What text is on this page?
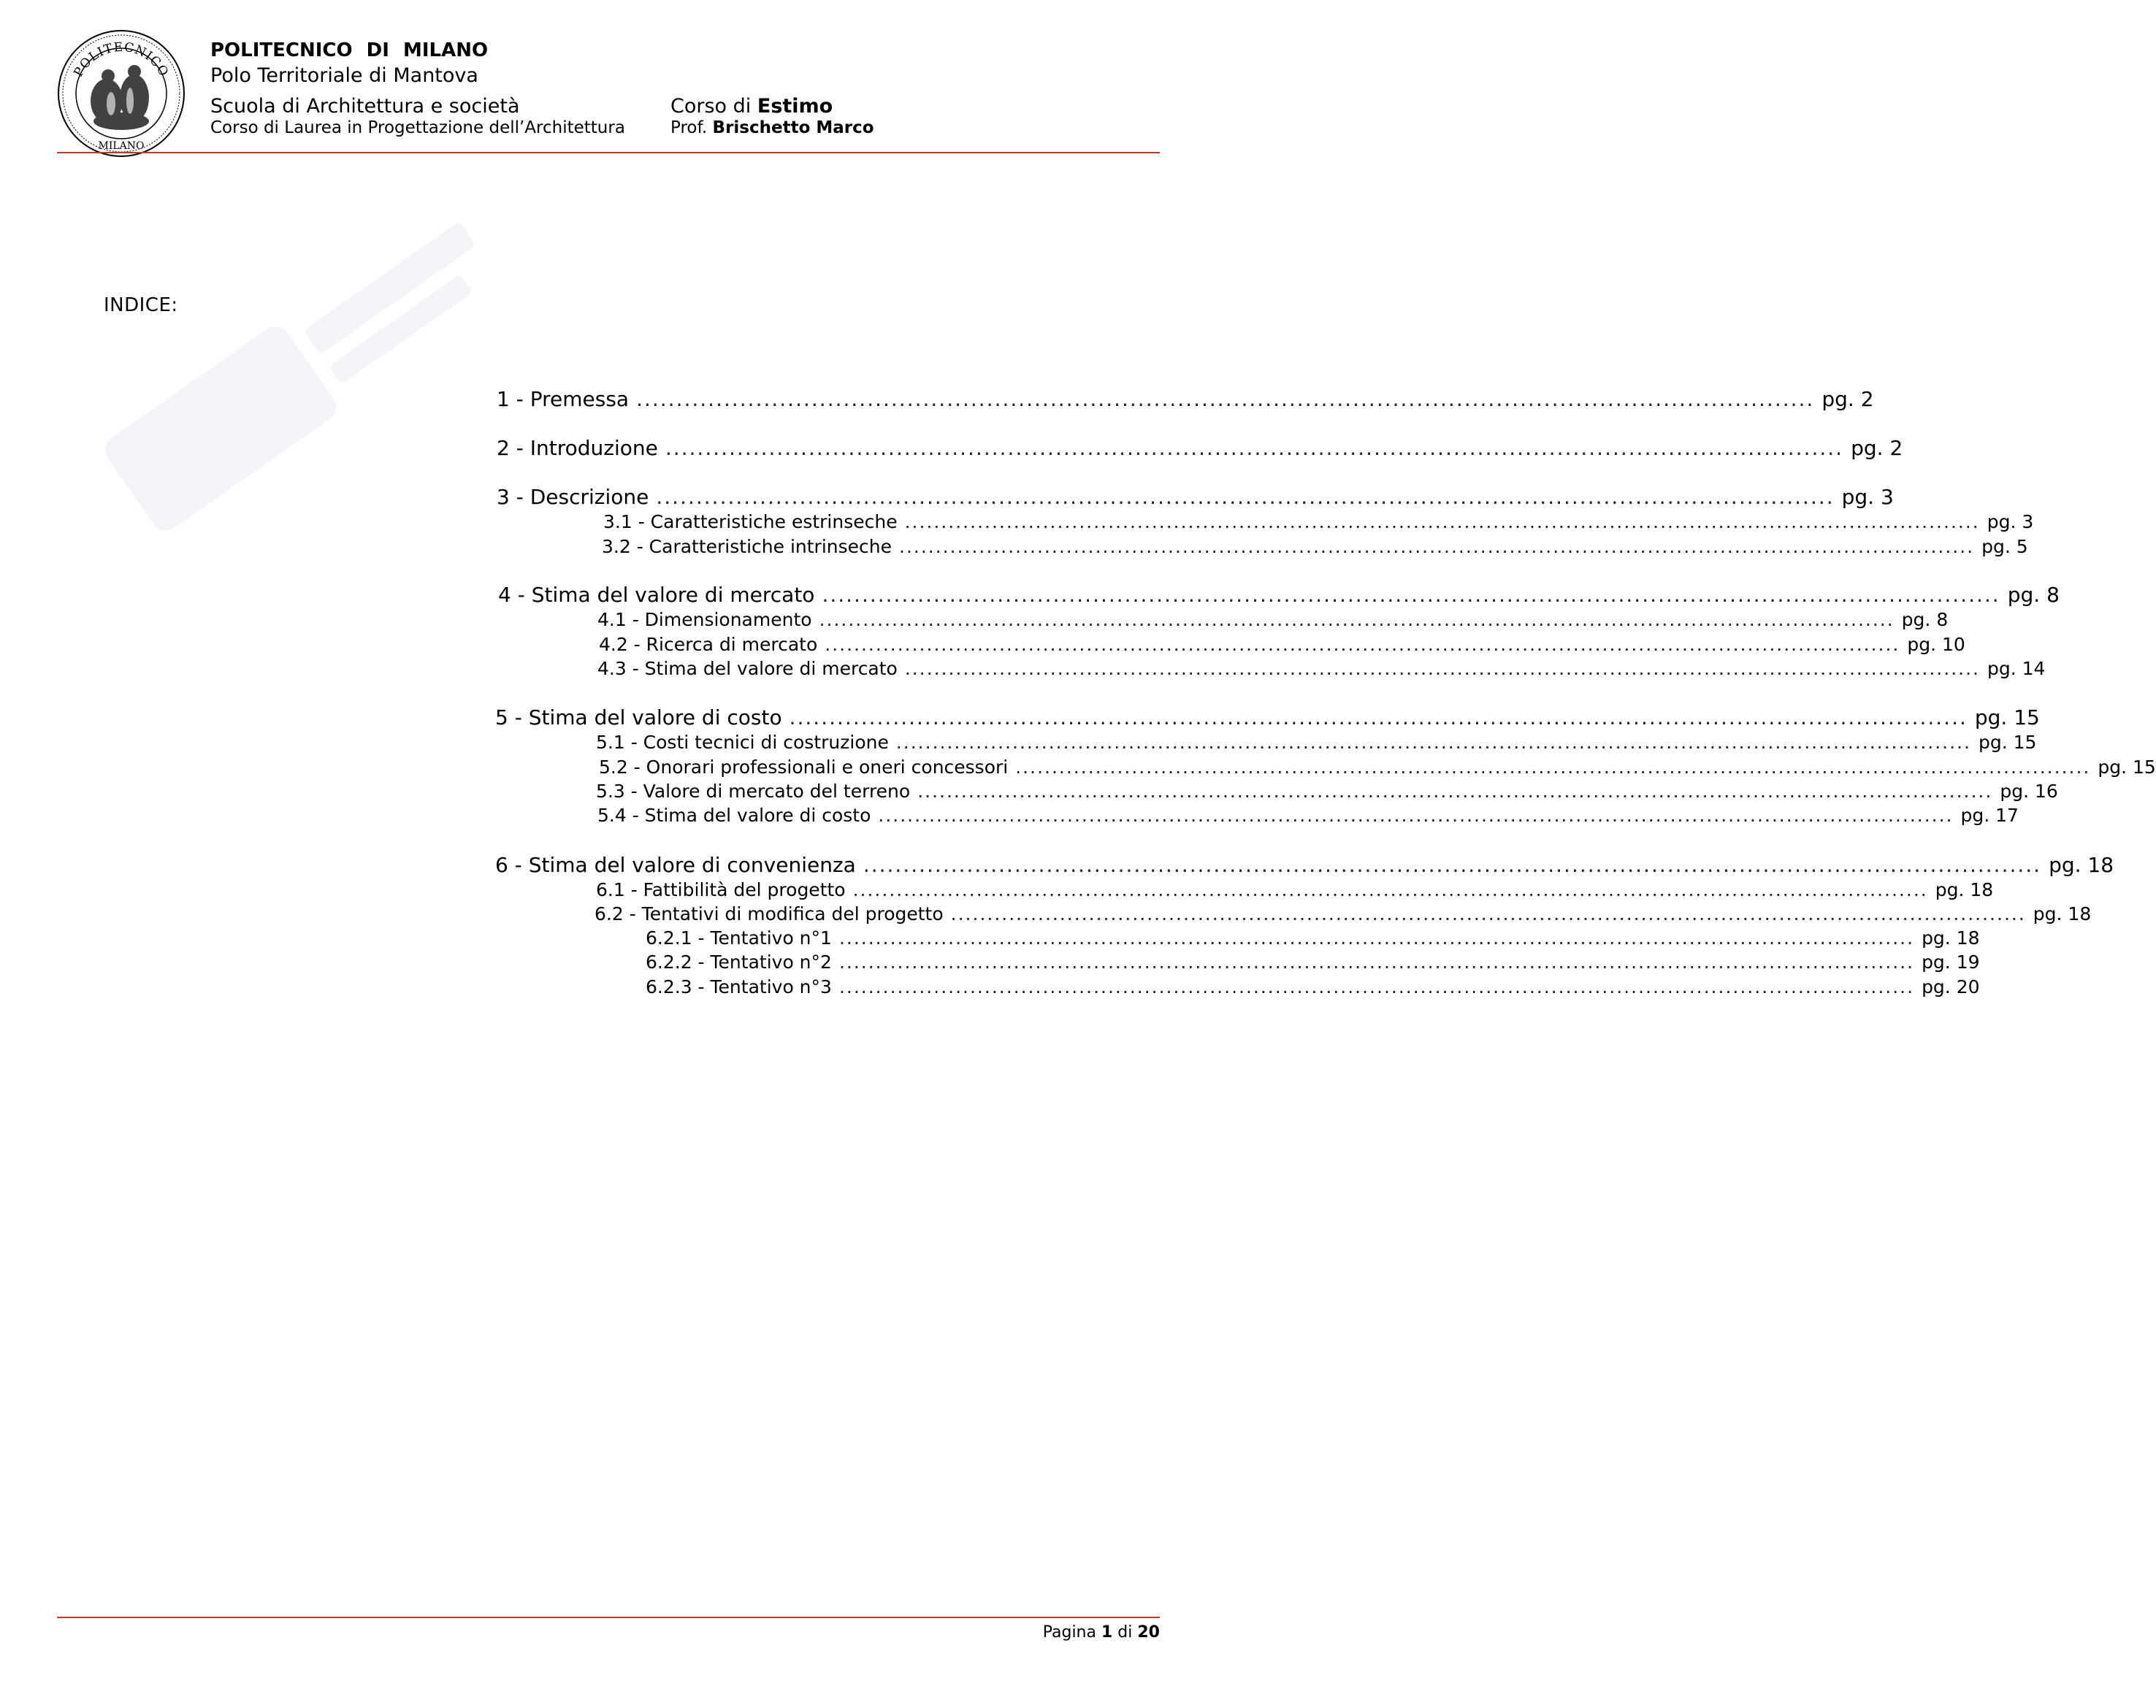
POLITECNICO
MILANO
POLITECNICO DI MILANO
Polo Territoriale di Mantova
Scuola di Architettura e società
Corso di Laurea in Progettazione dell’Architettura
Corso di Estimo
Prof. Brischetto Marco
INDICE:
1 - Premessa .................................................................................................................................................... pg. 2
2 - Introduzione .................................................................................................................................................... pg. 2
3 - Descrizione .................................................................................................................................................... pg. 3
3.1 - Caratteristiche estrinseche .................................................................................................................................................... pg. 3
3.2 - Caratteristiche intrinseche .................................................................................................................................................... pg. 5
4 - Stima del valore di mercato .................................................................................................................................................... pg. 8
4.1 - Dimensionamento .................................................................................................................................................... pg. 8
4.2 - Ricerca di mercato .................................................................................................................................................... pg. 10
4.3 - Stima del valore di mercato .................................................................................................................................................... pg. 14
5 - Stima del valore di costo .................................................................................................................................................... pg. 15
5.1 - Costi tecnici di costruzione .................................................................................................................................................... pg. 15
5.2 - Onorari professionali e oneri concessori .................................................................................................................................................... pg. 15
5.3 - Valore di mercato del terreno .................................................................................................................................................... pg. 16
5.4 - Stima del valore di costo .................................................................................................................................................... pg. 17
6 - Stima del valore di convenienza .................................................................................................................................................... pg. 18
6.1 - Fattibilità del progetto .................................................................................................................................................... pg. 18
6.2 - Tentativi di modifica del progetto .................................................................................................................................................... pg. 18
6.2.1 - Tentativo n°1 .................................................................................................................................................... pg. 18
6.2.2 - Tentativo n°2 .................................................................................................................................................... pg. 19
6.2.3 - Tentativo n°3 .................................................................................................................................................... pg. 20
Pagina 1 di 20
